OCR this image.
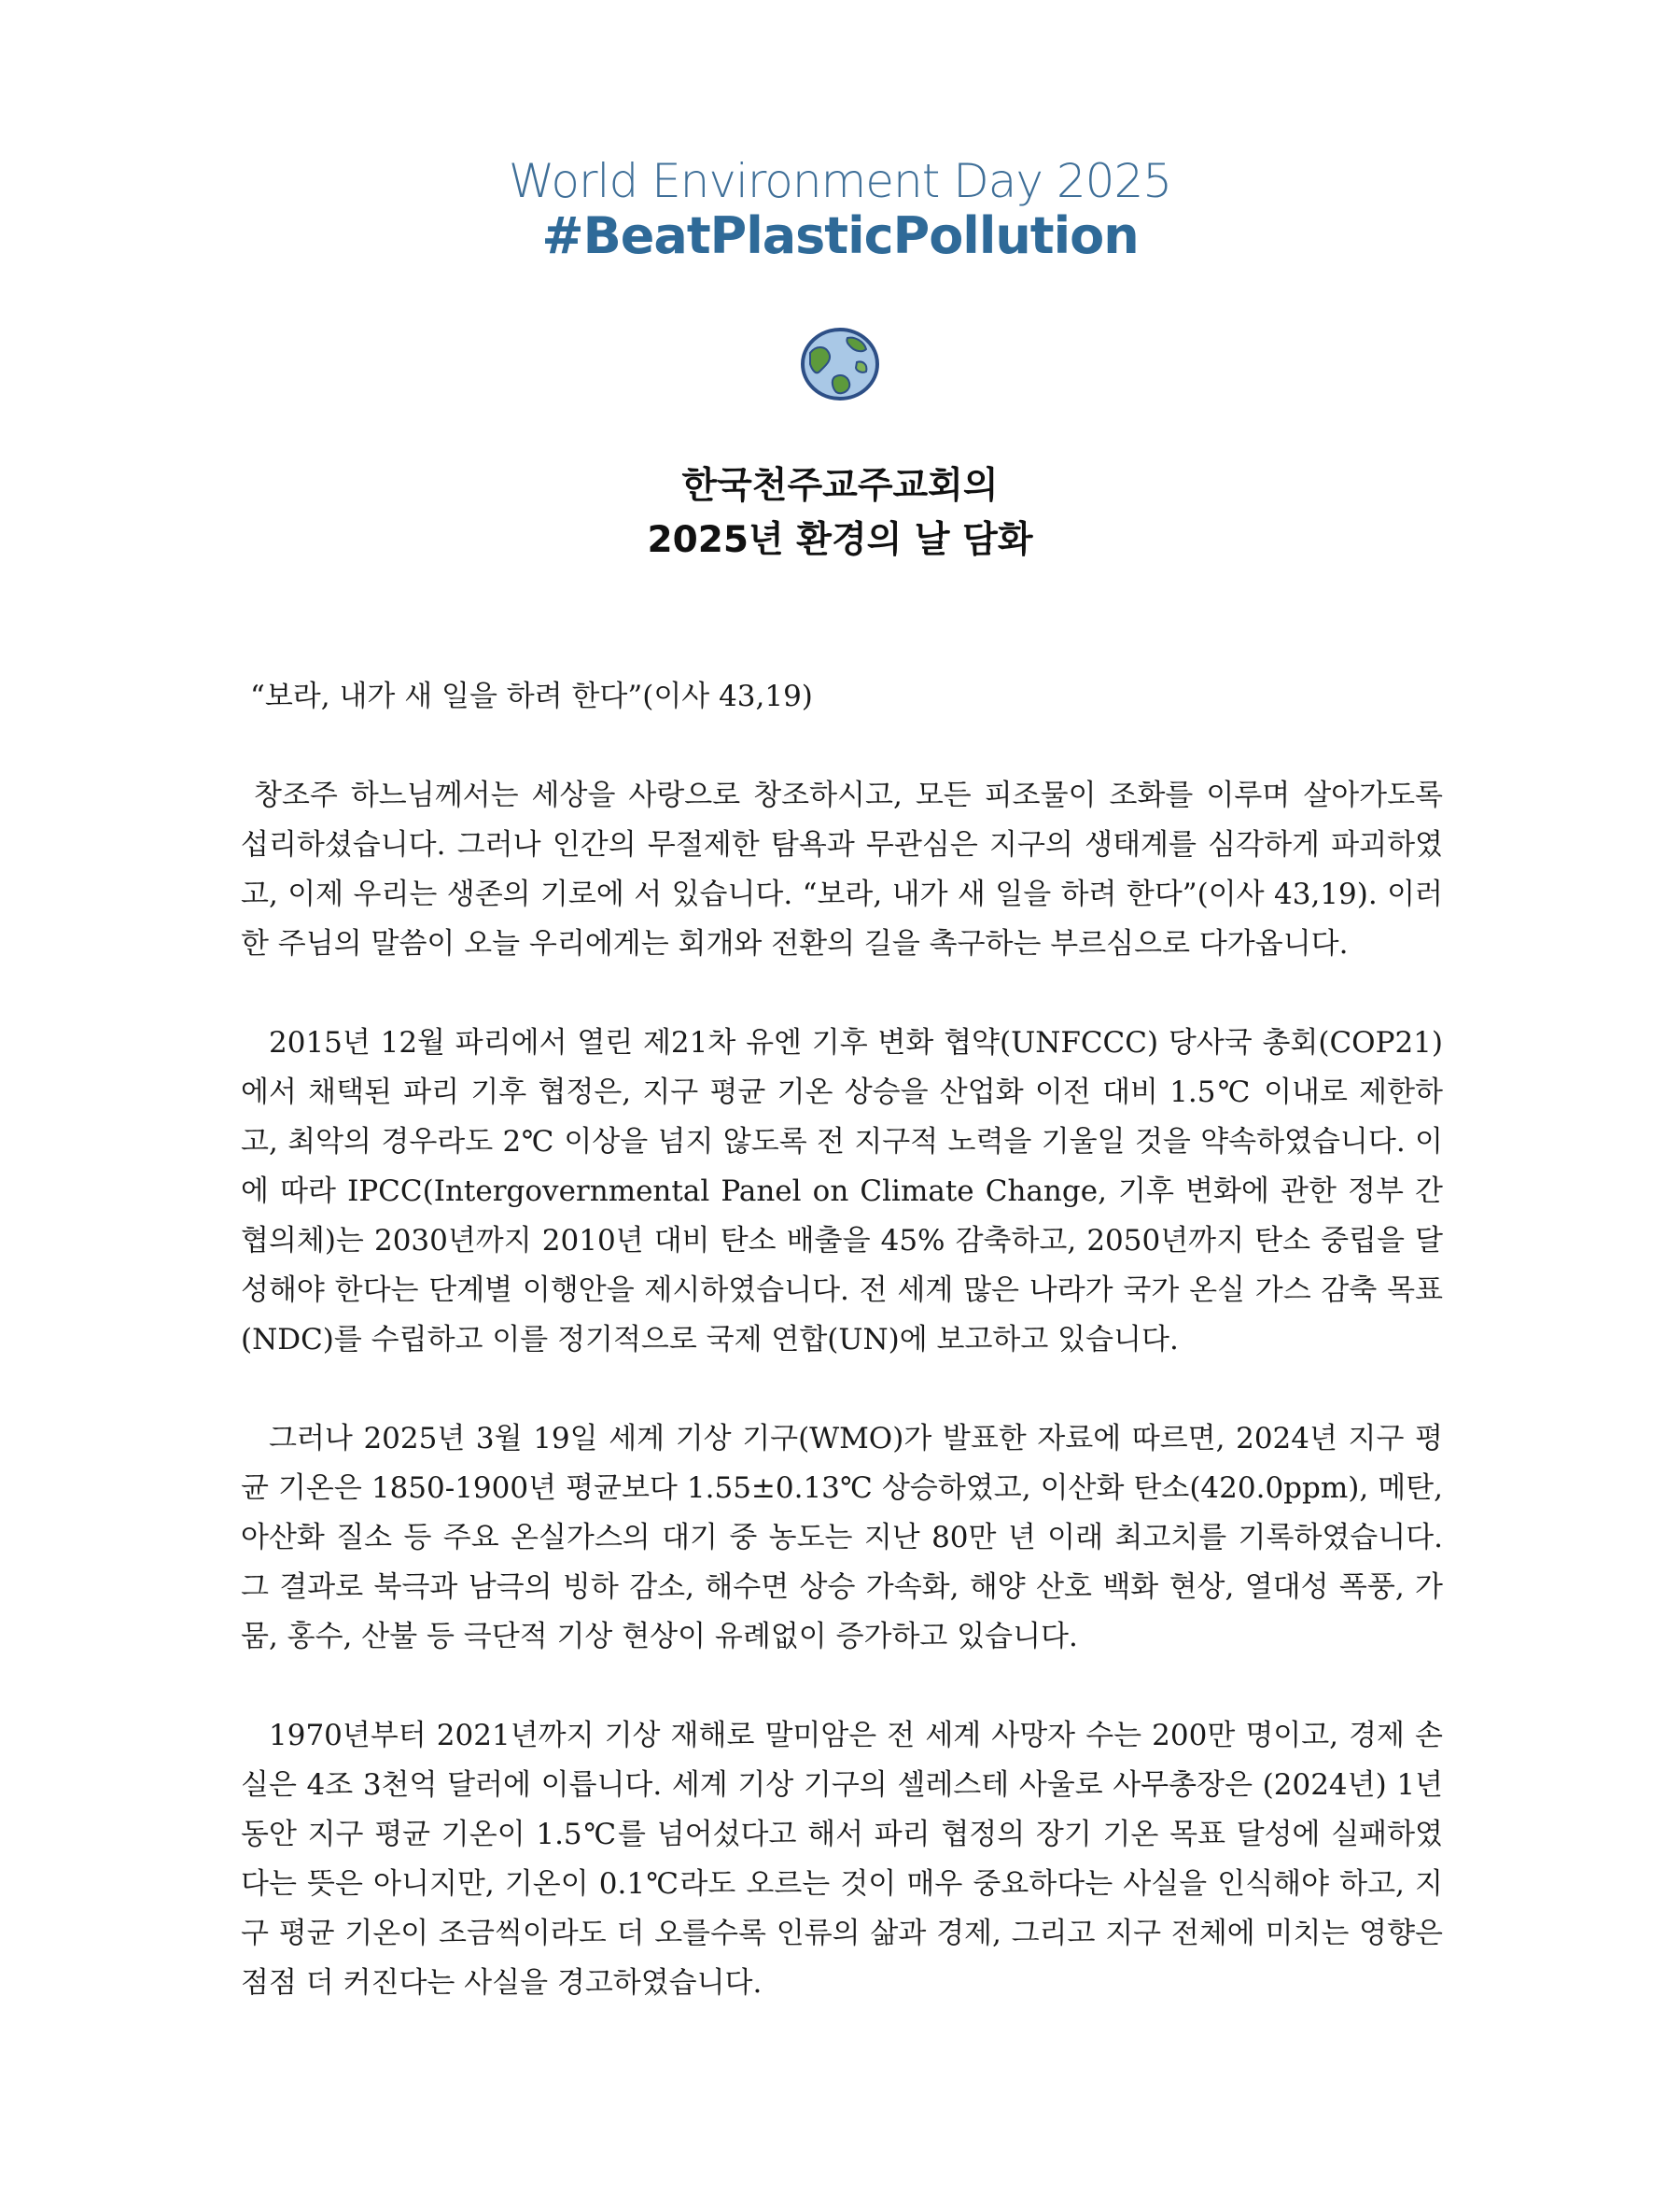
World Environment Day 2025
#BeatPlasticPollution
한국천주교주교회의
2025년 환경의 날 담화

“보라, 내가 새 일을 하려 한다”(이사 43,19)

창조주 하느님께서는 세상을 사랑으로 창조하시고, 모든 피조물이 조화를 이루며 살아가도록 섭리하셨습니다. 그러나 인간의 무절제한 탐욕과 무관심은 지구의 생태계를 심각하게 파괴하였고, 이제 우리는 생존의 기로에 서 있습니다. “보라, 내가 새 일을 하려 한다”(이사 43,19). 이러한 주님의 말씀이 오늘 우리에게는 회개와 전환의 길을 촉구하는 부르심으로 다가옵니다.

2015년 12월 파리에서 열린 제21차 유엔 기후 변화 협약(UNFCCC) 당사국 총회(COP21)에서 채택된 파리 기후 협정은, 지구 평균 기온 상승을 산업화 이전 대비 1.5℃ 이내로 제한하고, 최악의 경우라도 2℃ 이상을 넘지 않도록 전 지구적 노력을 기울일 것을 약속하였습니다. 이에 따라 IPCC(Intergovernmental Panel on Climate Change, 기후 변화에 관한 정부 간 협의체)는 2030년까지 2010년 대비 탄소 배출을 45% 감축하고, 2050년까지 탄소 중립을 달성해야 한다는 단계별 이행안을 제시하였습니다. 전 세계 많은 나라가 국가 온실 가스 감축 목표(NDC)를 수립하고 이를 정기적으로 국제 연합(UN)에 보고하고 있습니다.

그러나 2025년 3월 19일 세계 기상 기구(WMO)가 발표한 자료에 따르면, 2024년 지구 평균 기온은 1850-1900년 평균보다 1.55±0.13℃ 상승하였고, 이산화 탄소(420.0ppm), 메탄, 아산화 질소 등 주요 온실가스의 대기 중 농도는 지난 80만 년 이래 최고치를 기록하였습니다. 그 결과로 북극과 남극의 빙하 감소, 해수면 상승 가속화, 해양 산호 백화 현상, 열대성 폭풍, 가뭄, 홍수, 산불 등 극단적 기상 현상이 유례없이 증가하고 있습니다.

1970년부터 2021년까지 기상 재해로 말미암은 전 세계 사망자 수는 200만 명이고, 경제 손실은 4조 3천억 달러에 이릅니다. 세계 기상 기구의 셀레스테 사울로 사무총장은 (2024년) 1년 동안 지구 평균 기온이 1.5℃를 넘어섰다고 해서 파리 협정의 장기 기온 목표 달성에 실패하였다는 뜻은 아니지만, 기온이 0.1℃라도 오르는 것이 매우 중요하다는 사실을 인식해야 하고, 지구 평균 기온이 조금씩이라도 더 오를수록 인류의 삶과 경제, 그리고 지구 전체에 미치는 영향은 점점 더 커진다는 사실을 경고하였습니다.
